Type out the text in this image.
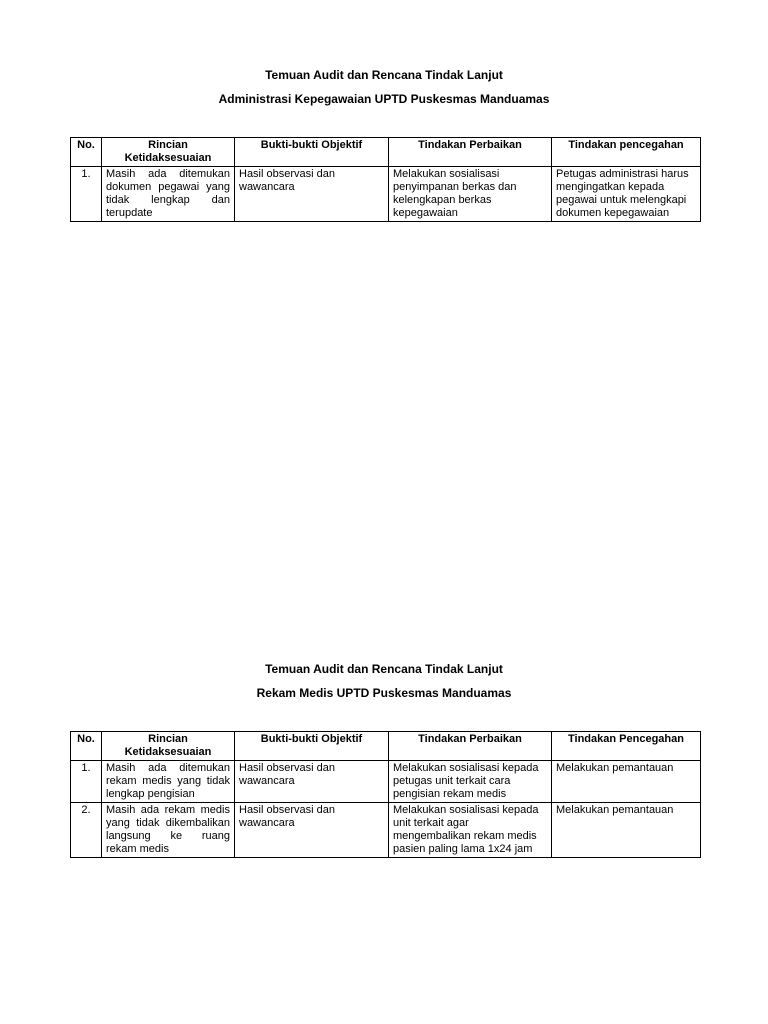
Temuan Audit dan Rencana Tindak Lanjut

Administrasi Kepegawaian UPTD Puskesmas Manduamas

No.	Rincian Ketidaksesuaian	Bukti-bukti Objektif	Tindakan Perbaikan	Tindakan pencegahan
1.	Masih ada ditemukan dokumen pegawai yang tidak lengkap dan terupdate	Hasil observasi dan wawancara	Melakukan sosialisasi penyimpanan berkas dan kelengkapan berkas kepegawaian	Petugas administrasi harus mengingatkan kepada pegawai untuk melengkapi dokumen kepegawaian

Temuan Audit dan Rencana Tindak Lanjut

Rekam Medis UPTD Puskesmas Manduamas

No.	Rincian Ketidaksesuaian	Bukti-bukti Objektif	Tindakan Perbaikan	Tindakan Pencegahan
1.	Masih ada ditemukan rekam medis yang tidak lengkap pengisian	Hasil observasi dan wawancara	Melakukan sosialisasi kepada petugas unit terkait cara pengisian rekam medis	Melakukan pemantauan
2.	Masih ada rekam medis yang tidak dikembalikan langsung ke ruang rekam medis	Hasil observasi dan wawancara	Melakukan sosialisasi kepada unit terkait agar mengembalikan rekam medis pasien paling lama 1x24 jam	Melakukan pemantauan
